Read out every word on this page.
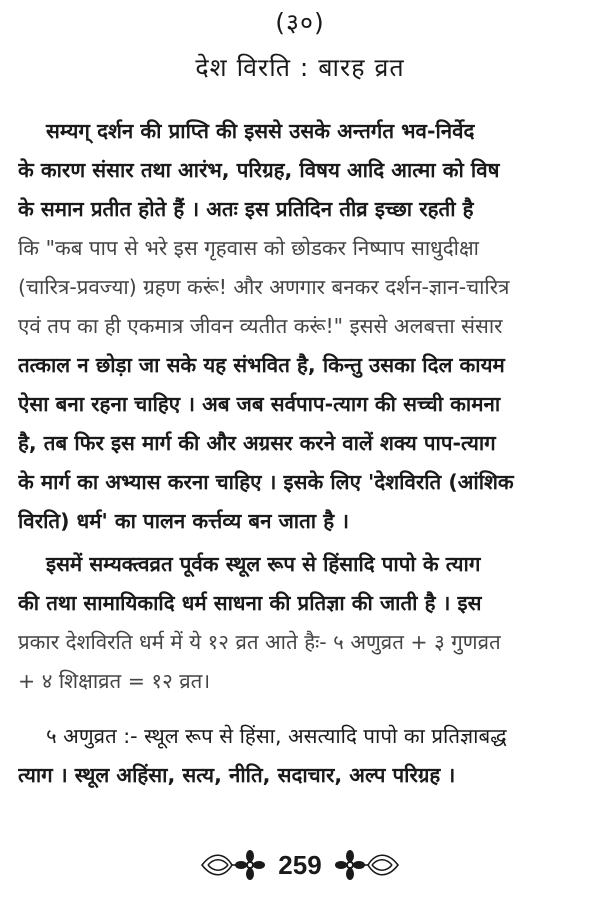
(३०)
देश विरति : बारह व्रत

सम्यग् दर्शन की प्राप्ति की इससे उसके अन्तर्गत भव-निर्वेद
के कारण संसार तथा आरंभ, परिग्रह, विषय आदि आत्मा को विष
के समान प्रतीत होते हैं । अतः इस प्रतिदिन तीव्र इच्छा रहती है
कि "कब पाप से भरे इस गृहवास को छोडकर निष्पाप साधुदीक्षा
(चारित्र-प्रवज्या) ग्रहण करूं! और अणगार बनकर दर्शन-ज्ञान-चारित्र
एवं तप का ही एकमात्र जीवन व्यतीत करूं!" इससे अलबत्ता संसार
तत्काल न छोड़ा जा सके यह संभवित है, किन्तु उसका दिल कायम
ऐसा बना रहना चाहिए । अब जब सर्वपाप-त्याग की सच्ची कामना
है, तब फिर इस मार्ग की और अग्रसर करने वालें शक्य पाप-त्याग
के मार्ग का अभ्यास करना चाहिए । इसके लिए 'देशविरति (आंशिक
विरति) धर्म' का पालन कर्त्तव्य बन जाता है ।

इसमें सम्यक्त्वव्रत पूर्वक स्थूल रूप से हिंसादि पापो के त्याग
की तथा सामायिकादि धर्म साधना की प्रतिज्ञा की जाती है । इस
प्रकार देशविरति धर्म में ये १२ व्रत आते हैः- ५ अणुव्रत + ३ गुणव्रत
+ ४ शिक्षाव्रत = १२ व्रत।

५ अणुव्रत :- स्थूल रूप से हिंसा, असत्यादि पापो का प्रतिज्ञाबद्ध
त्याग । स्थूल अहिंसा, सत्य, नीति, सदाचार, अल्प परिग्रह ।

259
